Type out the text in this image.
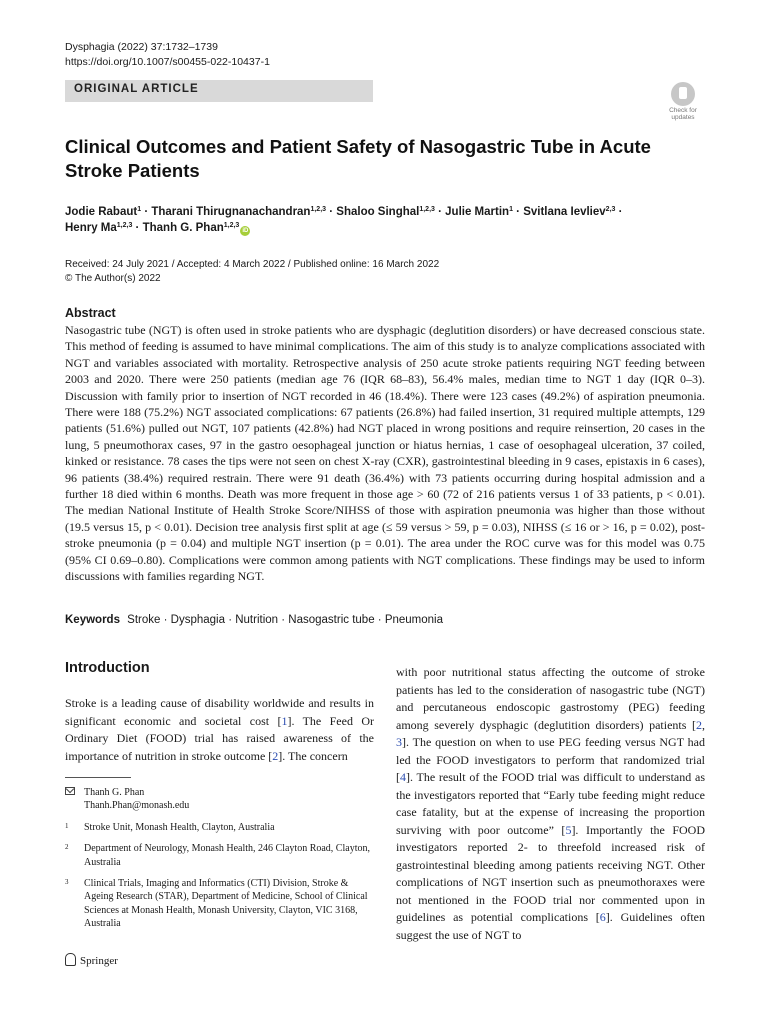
Dysphagia (2022) 37:1732–1739
https://doi.org/10.1007/s00455-022-10437-1
ORIGINAL ARTICLE
Check for
updates
Clinical Outcomes and Patient Safety of Nasogastric Tube in Acute Stroke Patients
Jodie Rabaut$^1$ · Tharani Thirugnanachandran$^{1,2,3}$ · Shaloo Singhal$^{1,2,3}$ · Julie Martin$^1$ · Svitlana Ievliev$^{2,3}$ ·
Henry Ma$^{1,2,3}$ · Thanh G. Phan$^{1,2,3}$iD
Received: 24 July 2021 / Accepted: 4 March 2022 / Published online: 16 March 2022
© The Author(s) 2022
Abstract

Nasogastric tube (NGT) is often used in stroke patients who are dysphagic (deglutition disorders) or have decreased conscious state. This method of feeding is assumed to have minimal complications. The aim of this study is to analyze complications associated with NGT and variables associated with mortality. Retrospective analysis of 250 acute stroke patients requiring NGT feeding between 2003 and 2020. There were 250 patients (median age 76 (IQR 68–83), 56.4% males, median time to NGT 1 day (IQR 0–3). Discussion with family prior to insertion of NGT recorded in 46 (18.4%). There were 123 cases (49.2%) of aspiration pneumonia. There were 188 (75.2%) NGT associated complications: 67 patients (26.8%) had failed insertion, 31 required multiple attempts, 129 patients (51.6%) pulled out NGT, 107 patients (42.8%) had NGT placed in wrong positions and require reinsertion, 20 cases in the lung, 5 pneumothorax cases, 97 in the gastro oesophageal junction or hiatus hernias, 1 case of oesophageal ulceration, 37 coiled, kinked or resistance. 78 cases the tips were not seen on chest X-ray (CXR), gastrointestinal bleeding in 9 cases, epistaxis in 6 cases), 96 patients (38.4%) required restrain. There were 91 death (36.4%) with 73 patients occurring during hospital admission and a further 18 died within 6 months. Death was more frequent in those age > 60 (72 of 216 patients versus 1 of 33 patients, p < 0.01). The median National Institute of Health Stroke Score/NIHSS of those with aspiration pneumonia was higher than those without (19.5 versus 15, p < 0.01). Decision tree analysis first split at age (≤ 59 versus > 59, p = 0.03), NIHSS (≤ 16 or > 16, p = 0.02), post-stroke pneumonia (p = 0.04) and multiple NGT insertion (p = 0.01). The area under the ROC curve was for this model was 0.75 (95% CI 0.69–0.80). Complications were common among patients with NGT complications. These findings may be used to inform discussions with families regarding NGT.

Keywords Stroke · Dysphagia · Nutrition · Nasogastric tube · Pneumonia
Introduction

Stroke is a leading cause of disability worldwide and results in significant economic and societal cost [1]. The Feed Or Ordinary Diet (FOOD) trial has raised awareness of the importance of nutrition in stroke outcome [2]. The concern

with poor nutritional status affecting the outcome of stroke patients has led to the consideration of nasogastric tube (NGT) and percutaneous endoscopic gastrostomy (PEG) feeding among severely dysphagic (deglutition disorders) patients [2, 3]. The question on when to use PEG feeding versus NGT had led the FOOD investigators to perform that randomized trial [4]. The result of the FOOD trial was difficult to understand as the investigators reported that “Early tube feeding might reduce case fatality, but at the expense of increasing the proportion surviving with poor outcome” [5]. Importantly the FOOD investigators reported 2- to threefold increased risk of gastrointestinal bleeding among patients receiving NGT. Other complications of NGT insertion such as pneumothoraxes were not mentioned in the FOOD trial nor commented upon in guidelines as potential complications [6]. Guidelines often suggest the use of NGT to

Thanh G. Phan
Thanh.Phan@monash.edu
1 Stroke Unit, Monash Health, Clayton, Australia
2 Department of Neurology, Monash Health, 246 Clayton Road, Clayton, Australia
3 Clinical Trials, Imaging and Informatics (CTI) Division, Stroke & Ageing Research (STAR), Department of Medicine, School of Clinical Sciences at Monash Health, Monash University, Clayton, VIC 3168, Australia
Springer
